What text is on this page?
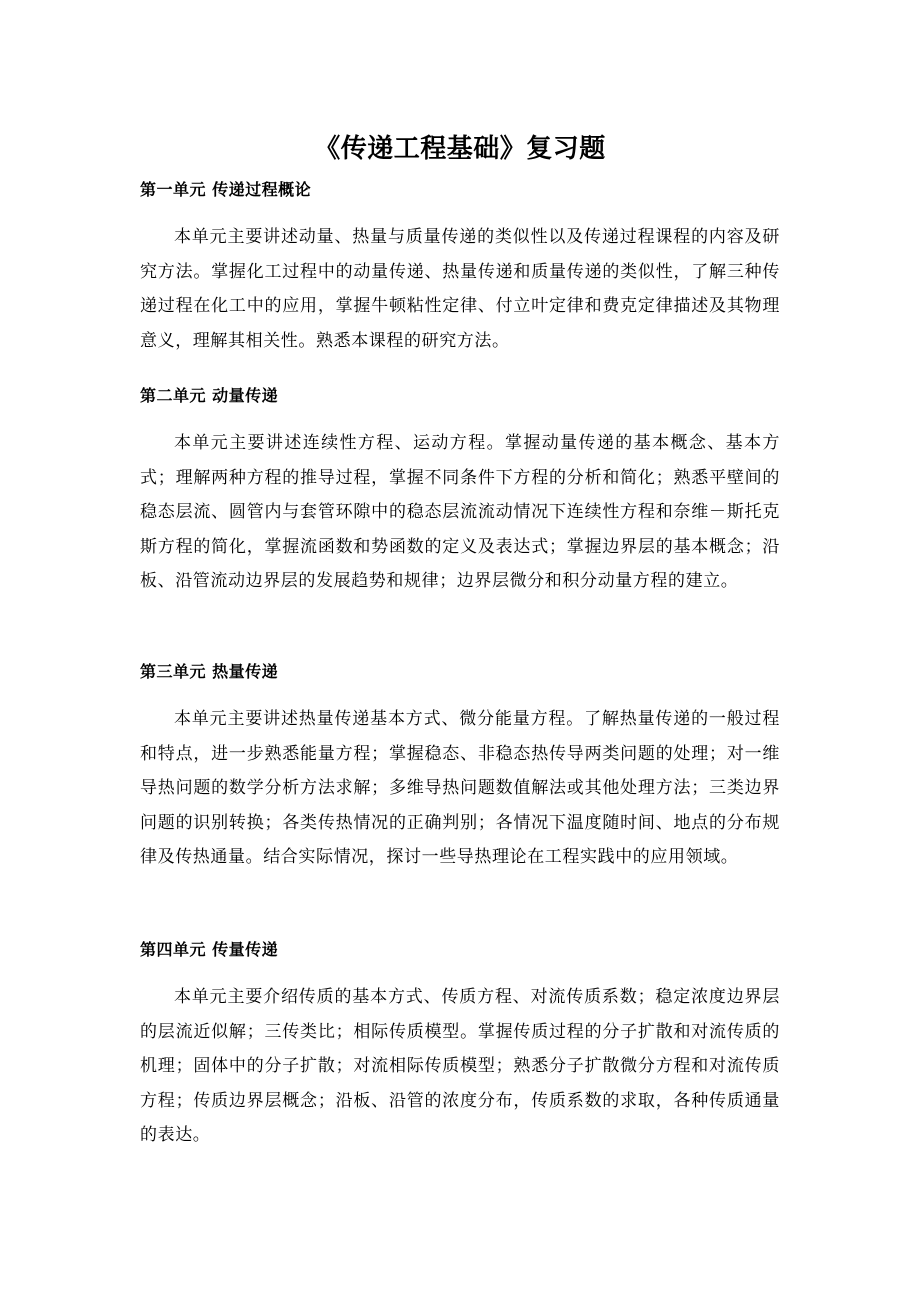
《传递工程基础》复习题
第一单元 传递过程概论

本单元主要讲述动量、热量与质量传递的类似性以及传递过程课程的内容及研究方法。掌握化工过程中的动量传递、热量传递和质量传递的类似性，了解三种传递过程在化工中的应用，掌握牛顿粘性定律、付立叶定律和费克定律描述及其物理意义，理解其相关性。熟悉本课程的研究方法。

第二单元 动量传递

本单元主要讲述连续性方程、运动方程。掌握动量传递的基本概念、基本方式；理解两种方程的推导过程，掌握不同条件下方程的分析和简化；熟悉平壁间的稳态层流、圆管内与套管环隙中的稳态层流流动情况下连续性方程和奈维－斯托克斯方程的简化，掌握流函数和势函数的定义及表达式；掌握边界层的基本概念；沿板、沿管流动边界层的发展趋势和规律；边界层微分和积分动量方程的建立。

第三单元 热量传递

本单元主要讲述热量传递基本方式、微分能量方程。了解热量传递的一般过程和特点，进一步熟悉能量方程；掌握稳态、非稳态热传导两类问题的处理；对一维导热问题的数学分析方法求解；多维导热问题数值解法或其他处理方法；三类边界问题的识别转换；各类传热情况的正确判别；各情况下温度随时间、地点的分布规律及传热通量。结合实际情况，探讨一些导热理论在工程实践中的应用领域。

第四单元 传量传递

本单元主要介绍传质的基本方式、传质方程、对流传质系数；稳定浓度边界层的层流近似解；三传类比；相际传质模型。掌握传质过程的分子扩散和对流传质的机理；固体中的分子扩散；对流相际传质模型；熟悉分子扩散微分方程和对流传质方程；传质边界层概念；沿板、沿管的浓度分布，传质系数的求取，各种传质通量的表达。
